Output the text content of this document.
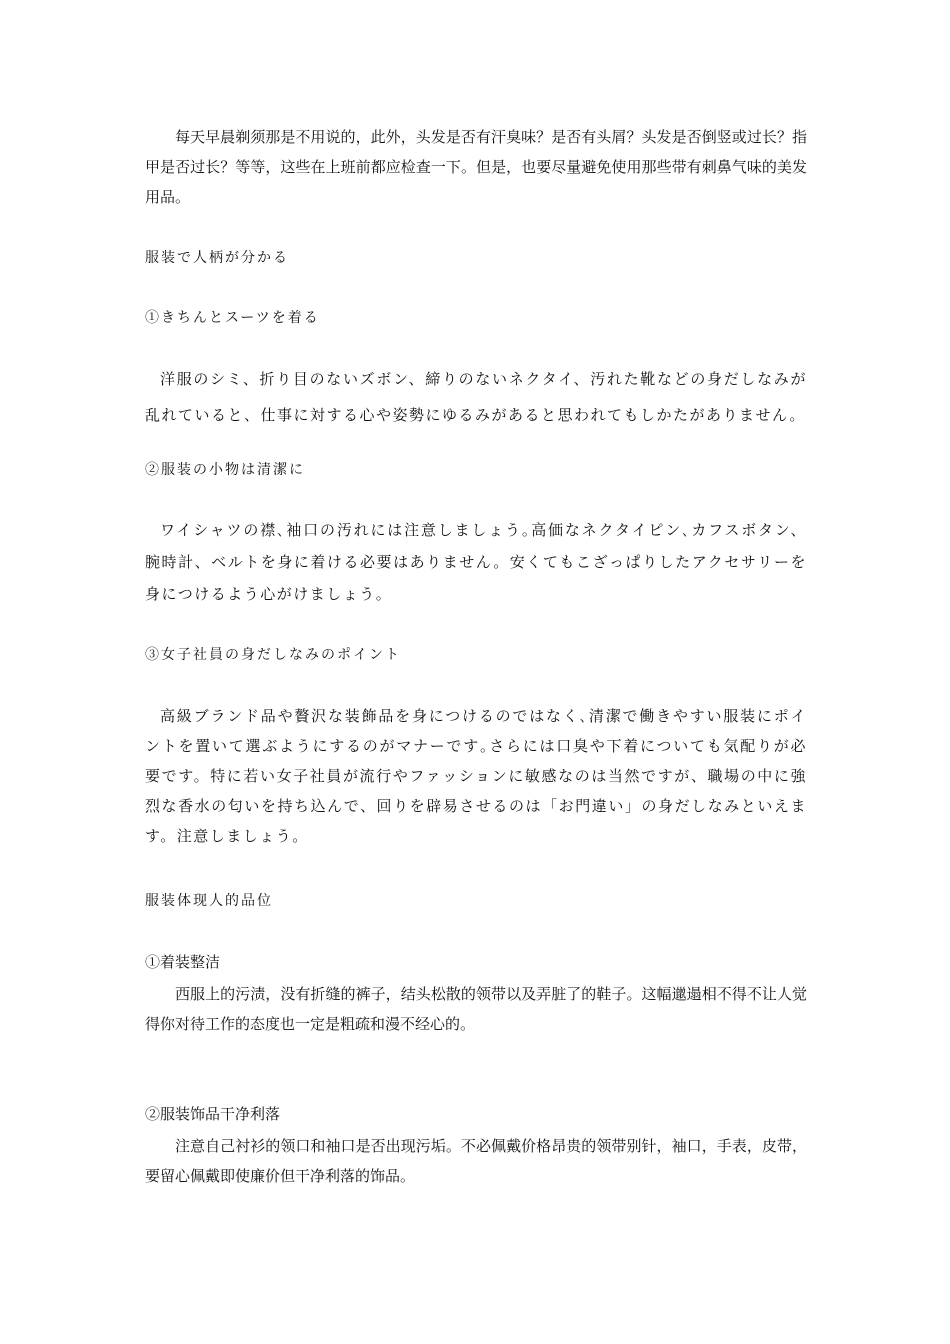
每天早晨剃须那是不用说的，此外，头发是否有汗臭味？是否有头屑？头发是否倒竖或过长？指甲是否过长？等等，这些在上班前都应检查一下。但是，也要尽量避免使用那些带有刺鼻气味的美发用品。

服装で人柄が分かる

①きちんとスーツを着る

洋服のシミ、折り目のないズボン、締りのないネクタイ、汚れた靴などの身だしなみが乱れていると、仕事に対する心や姿勢にゆるみがあると思われてもしかたがありません。

②服装の小物は清潔に

ワイシャツの襟､袖口の汚れには注意しましょう｡高価なネクタイピン､カフスボタン、腕時計、ベルトを身に着ける必要はありません。安くてもこざっぱりしたアクセサリーを身につけるよう心がけましょう。

③女子社員の身だしなみのポイント

高級ブランド品や贅沢な装飾品を身につけるのではなく､清潔で働きやすい服装にポイントを置いて選ぶようにするのがマナーです｡さらには口臭や下着についても気配りが必要です。特に若い女子社員が流行やファッションに敏感なのは当然ですが、職場の中に強烈な香水の匂いを持ち込んで、回りを辟易させるのは「お門違い」の身だしなみといえます。注意しましょう。

服装体现人的品位

①着装整洁

西服上的污渍，没有折缝的裤子，结头松散的领带以及弄脏了的鞋子。这幅邋遢相不得不让人觉得你对待工作的态度也一定是粗疏和漫不经心的。

②服装饰品干净利落

注意自己衬衫的领口和袖口是否出现污垢。不必佩戴价格昂贵的领带别针，袖口，手表，皮带，要留心佩戴即使廉价但干净利落的饰品。
